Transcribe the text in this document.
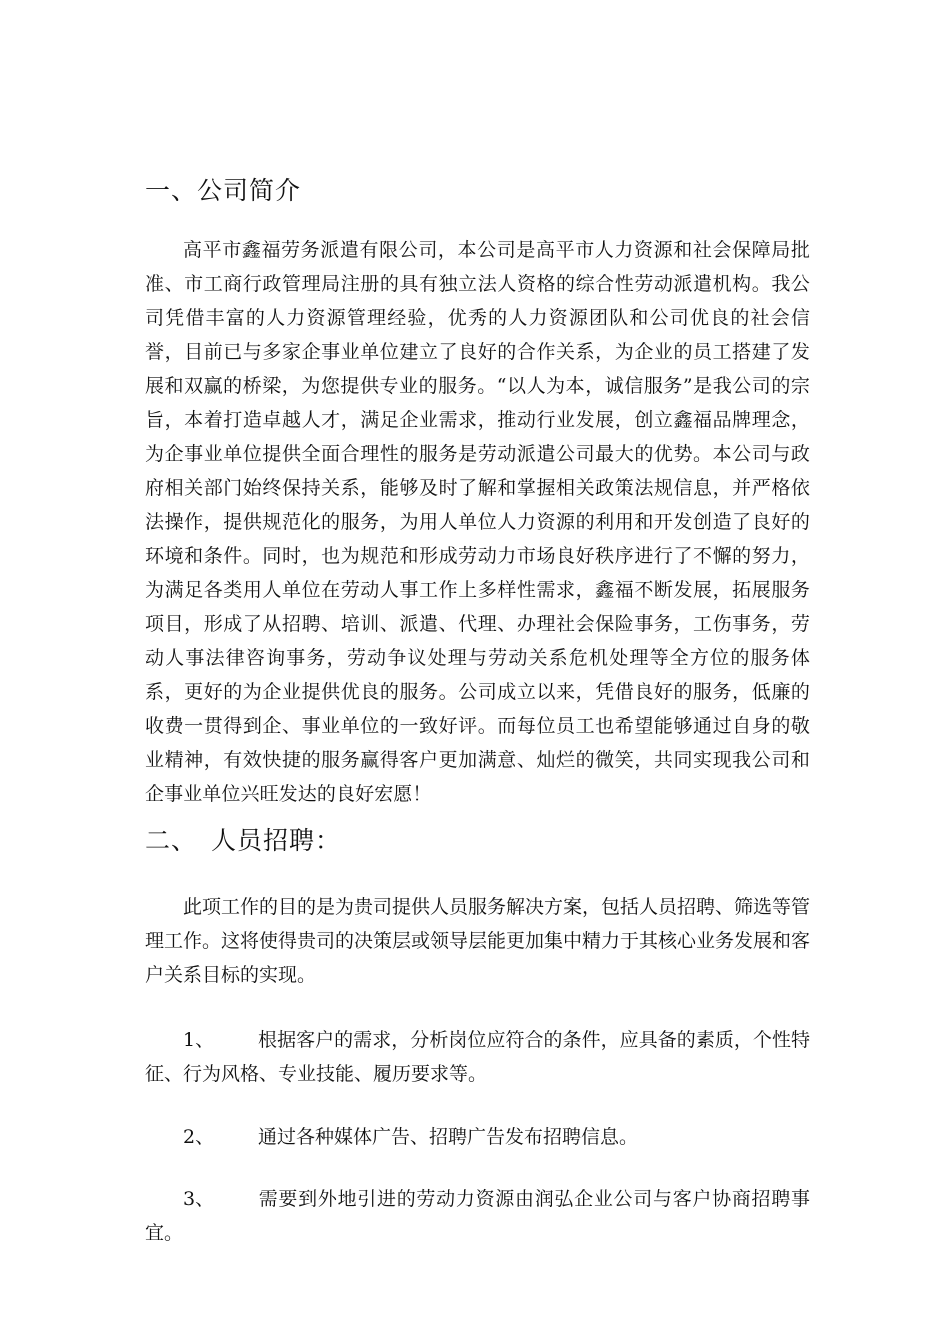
一、公司简介

高平市鑫福劳务派遣有限公司，本公司是高平市人力资源和社会保障局批准、市工商行政管理局注册的具有独立法人资格的综合性劳动派遣机构。我公司凭借丰富的人力资源管理经验，优秀的人力资源团队和公司优良的社会信誉，目前已与多家企事业单位建立了良好的合作关系，为企业的员工搭建了发展和双赢的桥梁，为您提供专业的服务。“以人为本，诚信服务”是我公司的宗旨，本着打造卓越人才，满足企业需求，推动行业发展，创立鑫福品牌理念，为企事业单位提供全面合理性的服务是劳动派遣公司最大的优势。本公司与政府相关部门始终保持关系，能够及时了解和掌握相关政策法规信息，并严格依法操作，提供规范化的服务，为用人单位人力资源的利用和开发创造了良好的环境和条件。同时，也为规范和形成劳动力市场良好秩序进行了不懈的努力，为满足各类用人单位在劳动人事工作上多样性需求，鑫福不断发展，拓展服务项目，形成了从招聘、培训、派遣、代理、办理社会保险事务，工伤事务，劳动人事法律咨询事务，劳动争议处理与劳动关系危机处理等全方位的服务体系，更好的为企业提供优良的服务。公司成立以来，凭借良好的服务，低廉的收费一贯得到企、事业单位的一致好评。而每位员工也希望能够通过自身的敬业精神，有效快捷的服务赢得客户更加满意、灿烂的微笑，共同实现我公司和企事业单位兴旺发达的良好宏愿！

二、 人员招聘：

此项工作的目的是为贵司提供人员服务解决方案，包括人员招聘、筛选等管理工作。这将使得贵司的决策层或领导层能更加集中精力于其核心业务发展和客户关系目标的实现。

1、 根据客户的需求，分析岗位应符合的条件，应具备的素质，个性特征、行为风格、专业技能、履历要求等。

2、 通过各种媒体广告、招聘广告发布招聘信息。

3、 需要到外地引进的劳动力资源由润弘企业公司与客户协商招聘事宜。
